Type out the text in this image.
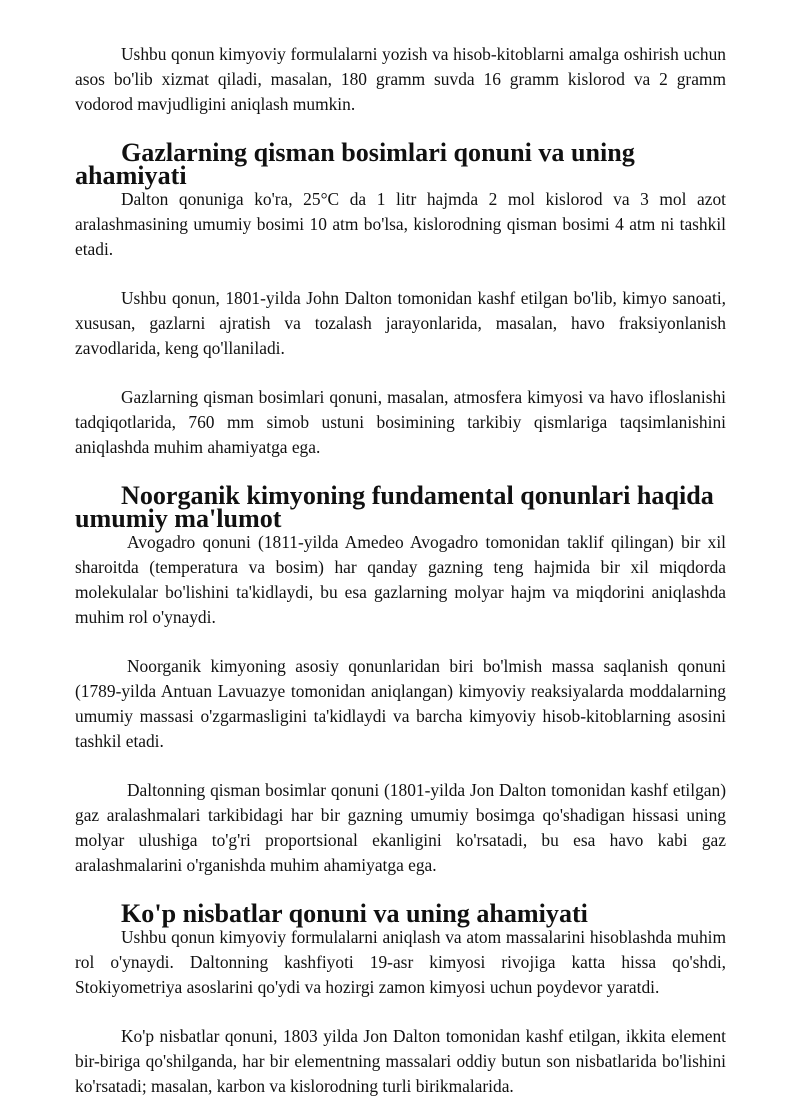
Ushbu qonun kimyoviy formulalarni yozish va hisob-kitoblarni amalga oshirish uchun asos bo'lib xizmat qiladi, masalan, 180 gramm suvda 16 gramm kislorod va 2 gramm vodorod mavjudligini aniqlash mumkin.

Gazlarning qisman bosimlari qonuni va uning ahamiyati

Dalton qonuniga ko'ra, 25°C da 1 litr hajmda 2 mol kislorod va 3 mol azot aralashmasining umumiy bosimi 10 atm bo'lsa, kislorodning qisman bosimi 4 atm ni tashkil etadi.

Ushbu qonun, 1801-yilda John Dalton tomonidan kashf etilgan bo'lib, kimyo sanoati, xususan, gazlarni ajratish va tozalash jarayonlarida, masalan, havo fraksiyonlanish zavodlarida, keng qo'llaniladi.

Gazlarning qisman bosimlari qonuni, masalan, atmosfera kimyosi va havo ifloslanishi tadqiqotlarida, 760 mm simob ustuni bosimining tarkibiy qismlariga taqsimlanishini aniqlashda muhim ahamiyatga ega.

Noorganik kimyoning fundamental qonunlari haqida umumiy ma'lumot

Avogadro qonuni (1811-yilda Amedeo Avogadro tomonidan taklif qilingan) bir xil sharoitda (temperatura va bosim) har qanday gazning teng hajmida bir xil miqdorda molekulalar bo'lishini ta'kidlaydi, bu esa gazlarning molyar hajm va miqdorini aniqlashda muhim rol o'ynaydi.

Noorganik kimyoning asosiy qonunlaridan biri bo'lmish massa saqlanish qonuni (1789-yilda Antuan Lavuazye tomonidan aniqlangan) kimyoviy reaksiyalarda moddalarning umumiy massasi o'zgarmasligini ta'kidlaydi va barcha kimyoviy hisob-kitoblarning asosini tashkil etadi.

Daltonning qisman bosimlar qonuni (1801-yilda Jon Dalton tomonidan kashf etilgan) gaz aralashmalari tarkibidagi har bir gazning umumiy bosimga qo'shadigan hissasi uning molyar ulushiga to'g'ri proportsional ekanligini ko'rsatadi, bu esa havo kabi gaz aralashmalarini o'rganishda muhim ahamiyatga ega.

Ko'p nisbatlar qonuni va uning ahamiyati

Ushbu qonun kimyoviy formulalarni aniqlash va atom massalarini hisoblashda muhim rol o'ynaydi. Daltonning kashfiyoti 19-asr kimyosi rivojiga katta hissa qo'shdi, Stokiyometriya asoslarini qo'ydi va hozirgi zamon kimyosi uchun poydevor yaratdi.

Ko'p nisbatlar qonuni, 1803 yilda Jon Dalton tomonidan kashf etilgan, ikkita element bir-biriga qo'shilganda, har bir elementning massalari oddiy butun son nisbatlarida bo'lishini ko'rsatadi; masalan, karbon va kislorodning turli birikmalarida.
